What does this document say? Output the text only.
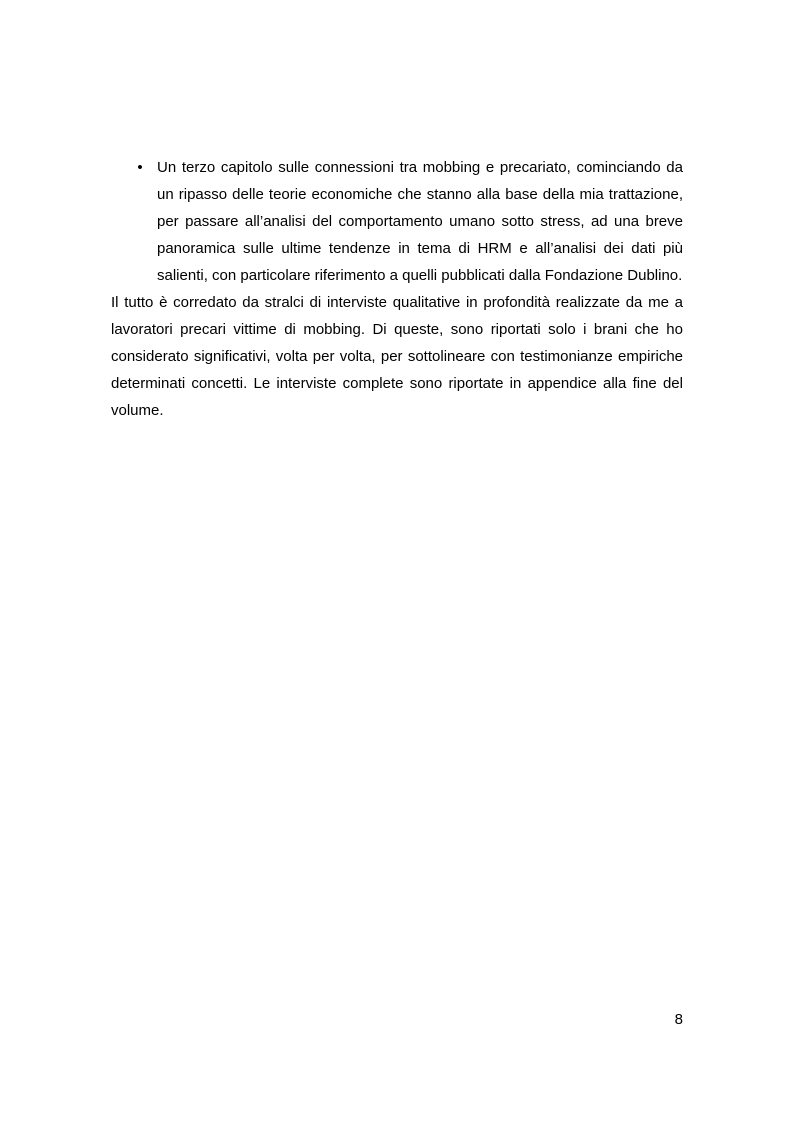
• Un terzo capitolo sulle connessioni tra mobbing e precariato, cominciando da un ripasso delle teorie economiche che stanno alla base della mia trattazione, per passare all’analisi del comportamento umano sotto stress, ad una breve panoramica sulle ultime tendenze in tema di HRM e all’analisi dei dati più salienti, con particolare riferimento a quelli pubblicati dalla Fondazione Dublino.

Il tutto è corredato da stralci di interviste qualitative in profondità realizzate da me a lavoratori precari vittime di mobbing. Di queste, sono riportati solo i brani che ho considerato significativi, volta per volta, per sottolineare con testimonianze empiriche determinati concetti. Le interviste complete sono riportate in appendice alla fine del volume.

8
